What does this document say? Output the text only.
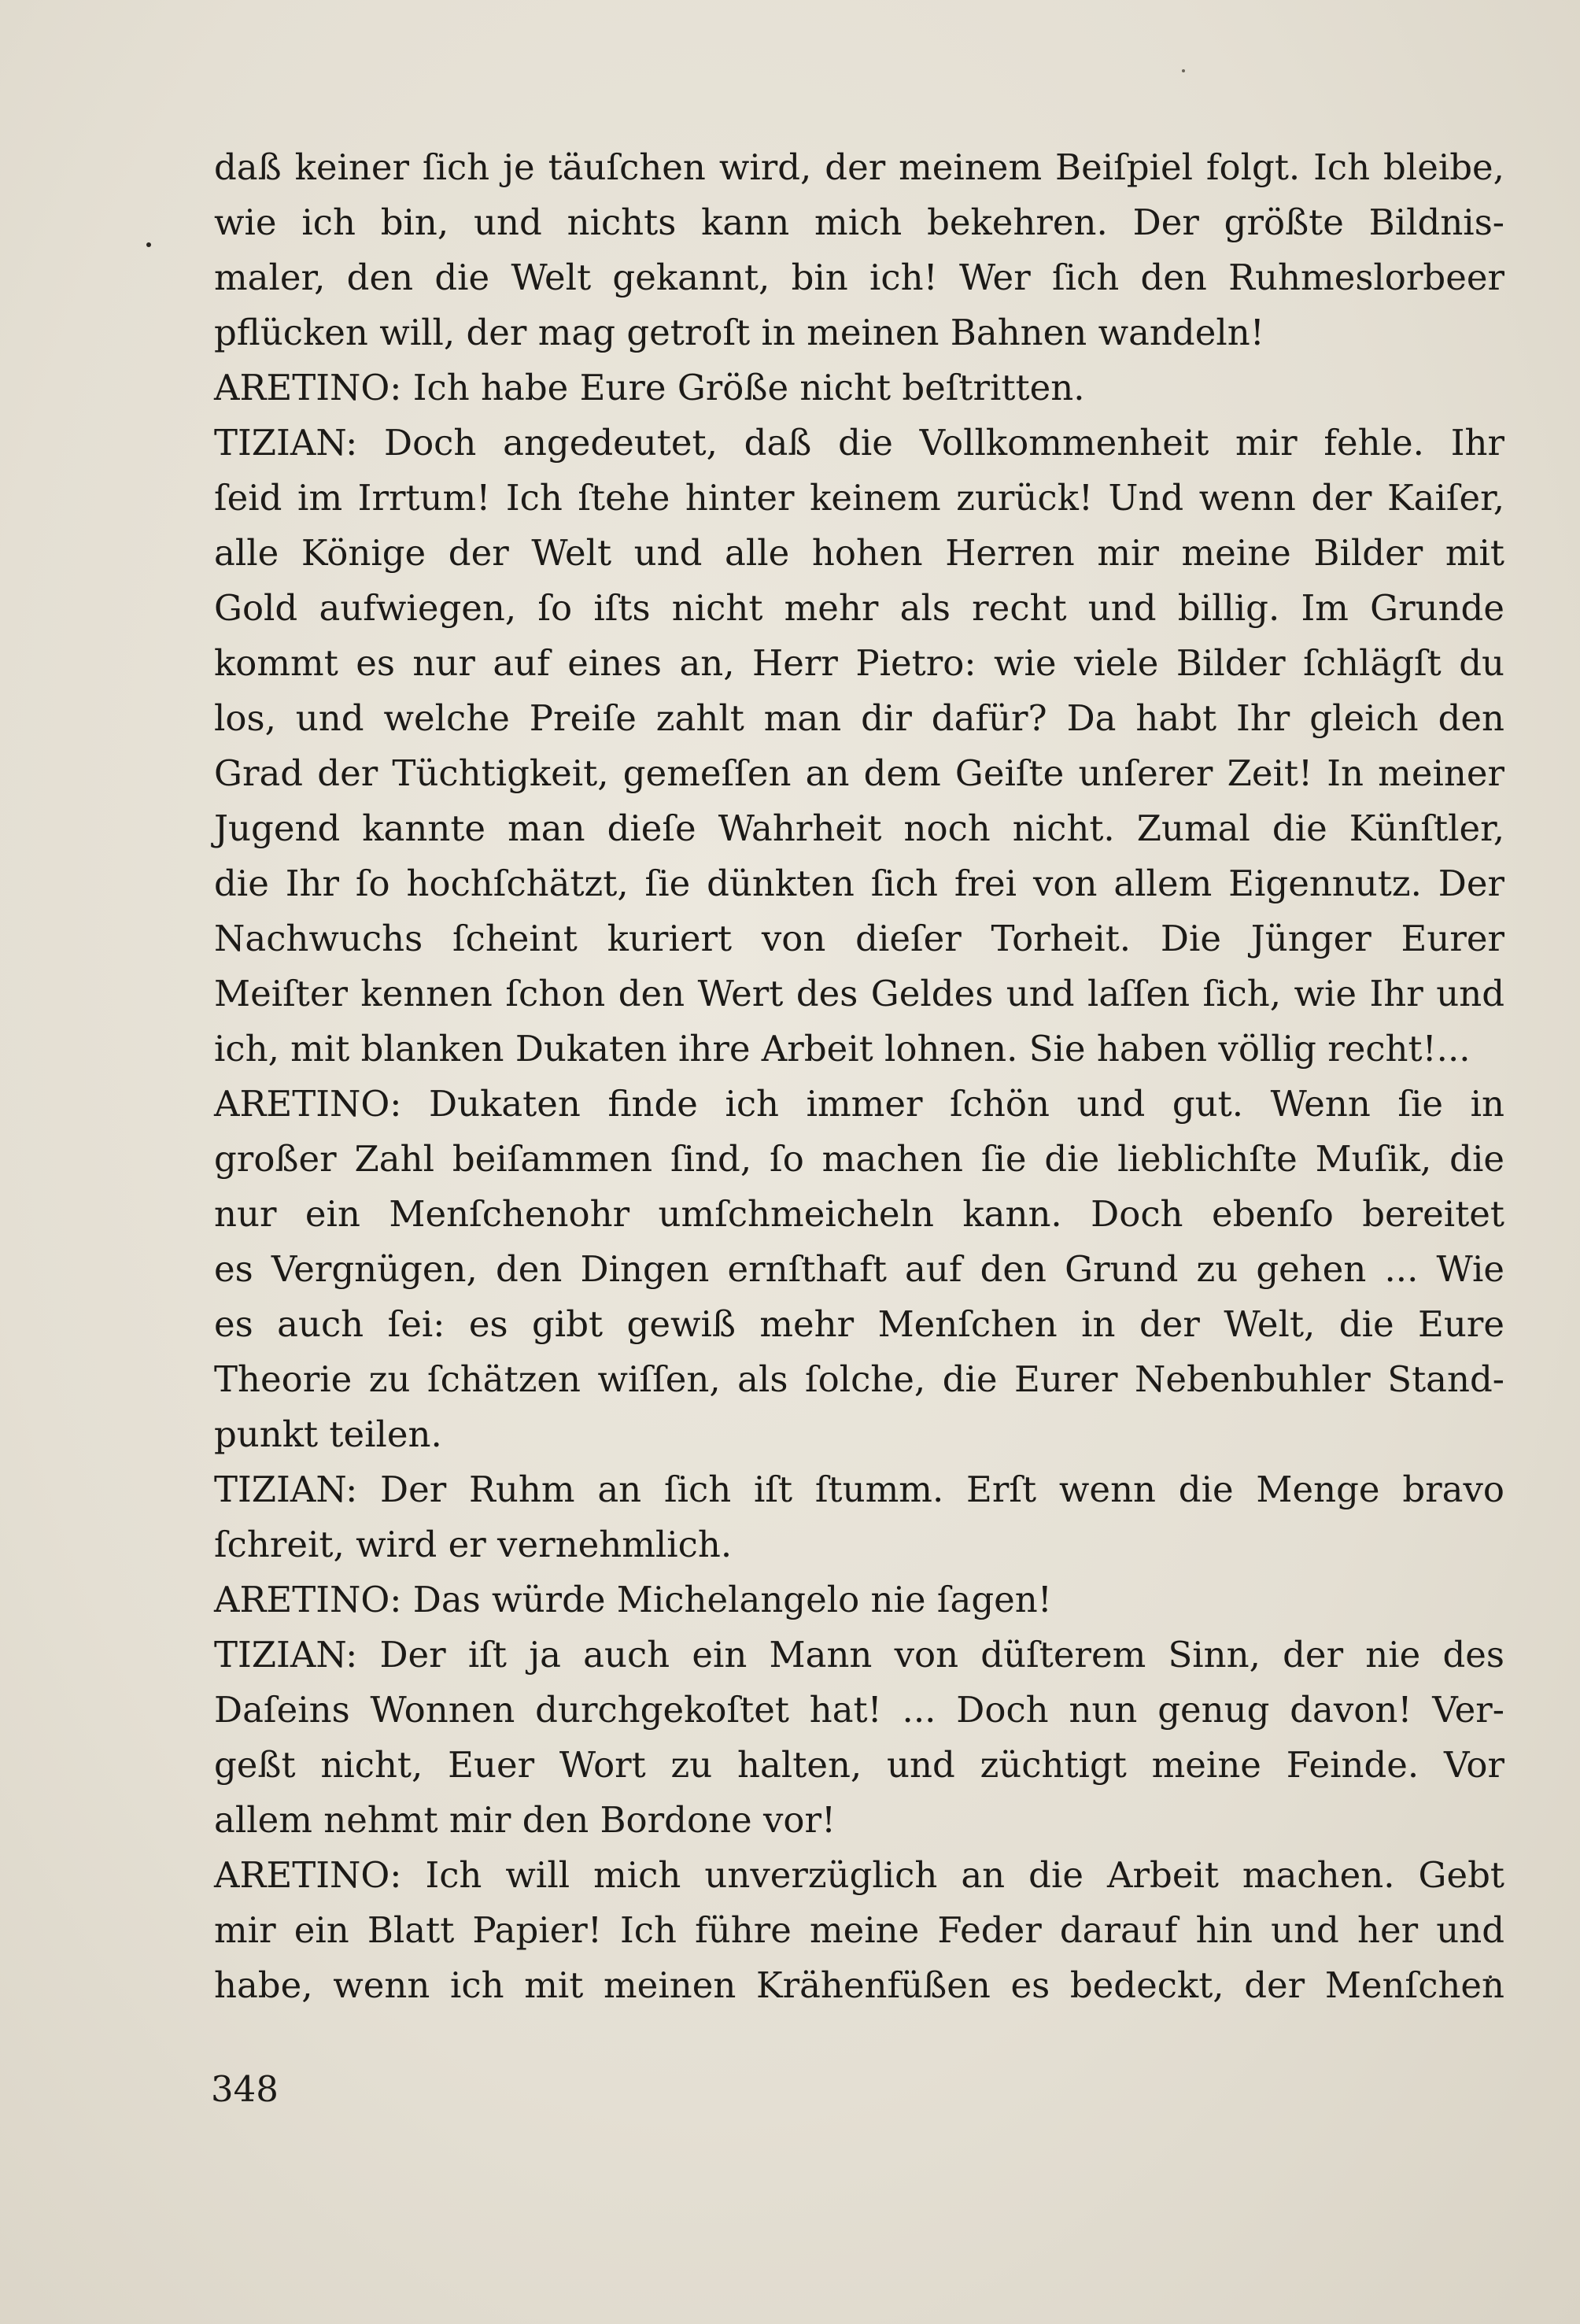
daß keiner ſich je täuſchen wird, der meinem Beiſpiel folgt. Ich bleibe,
wie ich bin, und nichts kann mich bekehren. Der größte Bildnis-
maler, den die Welt gekannt, bin ich! Wer ſich den Ruhmeslorbeer
pflücken will, der mag getroſt in meinen Bahnen wandeln!
ARETINO: Ich habe Eure Größe nicht beſtritten.
TIZIAN: Doch angedeutet, daß die Vollkommenheit mir fehle. Ihr
ſeid im Irrtum! Ich ſtehe hinter keinem zurück! Und wenn der Kaiſer,
alle Könige der Welt und alle hohen Herren mir meine Bilder mit
Gold aufwiegen, ſo iſts nicht mehr als recht und billig. Im Grunde
kommt es nur auf eines an, Herr Pietro: wie viele Bilder ſchlägſt du
los, und welche Preiſe zahlt man dir dafür? Da habt Ihr gleich den
Grad der Tüchtigkeit, gemeſſen an dem Geiſte unſerer Zeit! In meiner
Jugend kannte man dieſe Wahrheit noch nicht. Zumal die Künſtler,
die Ihr ſo hochſchätzt, ſie dünkten ſich frei von allem Eigennutz. Der
Nachwuchs ſcheint kuriert von dieſer Torheit. Die Jünger Eurer
Meiſter kennen ſchon den Wert des Geldes und laſſen ſich, wie Ihr und
ich, mit blanken Dukaten ihre Arbeit lohnen. Sie haben völlig recht!...
ARETINO: Dukaten finde ich immer ſchön und gut. Wenn ſie in
großer Zahl beiſammen ſind, ſo machen ſie die lieblichſte Muſik, die
nur ein Menſchenohr umſchmeicheln kann. Doch ebenſo bereitet
es Vergnügen, den Dingen ernſthaft auf den Grund zu gehen ... Wie
es auch ſei: es gibt gewiß mehr Menſchen in der Welt, die Eure
Theorie zu ſchätzen wiſſen, als ſolche, die Eurer Nebenbuhler Stand-
punkt teilen.
TIZIAN: Der Ruhm an ſich iſt ſtumm. Erſt wenn die Menge bravo
ſchreit, wird er vernehmlich.
ARETINO: Das würde Michelangelo nie ſagen!
TIZIAN: Der iſt ja auch ein Mann von düſterem Sinn, der nie des
Daſeins Wonnen durchgekoſtet hat! ... Doch nun genug davon! Ver-
geßt nicht, Euer Wort zu halten, und züchtigt meine Feinde. Vor
allem nehmt mir den Bordone vor!
ARETINO: Ich will mich unverzüglich an die Arbeit machen. Gebt
mir ein Blatt Papier! Ich führe meine Feder darauf hin und her und
habe, wenn ich mit meinen Krähenfüßen es bedeckt, der Menſchen
348
